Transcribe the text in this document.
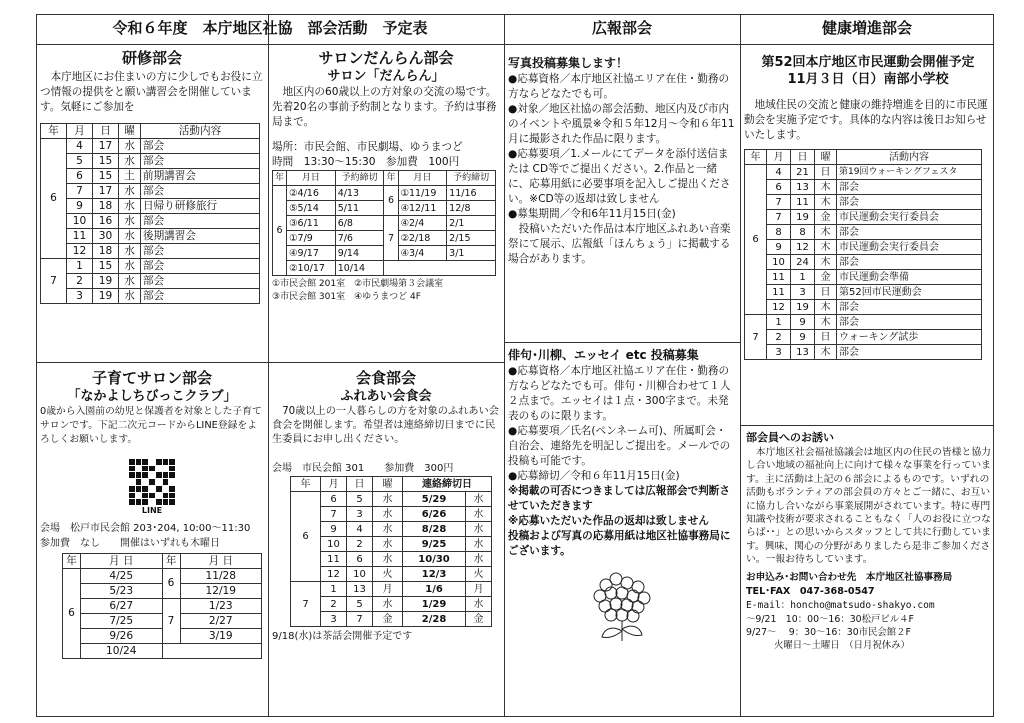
令和６年度　本庁地区社協　部会活動　予定表	広報部会	健康増進部会
研修部会
本庁地区にお住まいの方に少しでもお役に立つ情報の提供をと願い講習会を開催しています。気軽にご参加を
年	月	日	曜	活動内容
6	4	17	水	部会
	5	15	水	部会
	6	15	土	前期講習会
	7	17	水	部会
	9	18	水	日帰り研修旅行
	10	16	水	部会
	11	30	水	後期講習会
	12	18	水	部会
7	1	15	水	部会
	2	19	水	部会
	3	19	水	部会
サロンだんらん部会
サロン「だんらん」
地区内の60歳以上の方対象の交流の場です。先着20名の事前予約制となります。予約は事務局まで。
場所：市民会館、市民劇場、ゆうまつど
時間　13:30～15:30　参加費　100円
年	月日	予約締切	年	月日	予約締切
6	②4/16	4/13	6	①11/19	11/16
	⑤5/14	5/11		④12/11	12/8
	③6/11	6/8	7	④2/4	2/1
	①7/9	7/6		②2/18	2/15
	④9/17	9/14		④3/4	3/1
	②10/17	10/14			
①市民会館 201室　②市民劇場第３会議室
③市民会館 301室　④ゆうまつど 4F
写真投稿募集します！
●応募資格／本庁地区社協エリア在住・勤務の方ならどなたでも可。
●対象／地区社協の部会活動、地区内及び市内のイベントや風景※令和５年12月～令和６年11月に撮影された作品に限ります。
●応募要項／1.メールにてデータを添付送信または CD等でご提出ください。2.作品と一緒に、応募用紙に必要事項を記入しご提出ください。※CD等の返却は致しません
●募集期間／令和6年11月15日(金)
投稿いただいた作品は本庁地区ふれあい音楽祭にて展示、広報紙「ほんちょう」に掲載する場合があります。
俳句･川柳、エッセイ etc 投稿募集
●応募資格／本庁地区社協エリア在住・勤務の方ならどなたでも可。俳句・川柳合わせて１人２点まで。エッセイは１点・300字まで。未発表のものに限ります。
●応募要項／氏名(ペンネーム可)、所属町会・自治会、連絡先を明記しご提出を。メールでの投稿も可能です。
●応募締切／令和６年11月15日(金)
※掲載の可否につきましては広報部会で判断させていただきます
※応募いただいた作品の返却は致しません
投稿および写真の応募用紙は地区社協事務局にございます。
第52回本庁地区市民運動会開催予定
11月３日（日）南部小学校
地域住民の交流と健康の維持増進を目的に市民運動会を実施予定です。具体的な内容は後日お知らせいたします。
年	月	日	曜	活動内容
6	4	21	日	第19回ウォーキングフェスタ
	6	13	木	部会
	7	11	木	部会
	7	19	金	市民運動会実行委員会
	8	8	木	部会
	9	12	木	市民運動会実行委員会
	10	24	木	部会
	11	1	金	市民運動会準備
	11	3	日	第52回市民運動会
	12	19	木	部会
7	1	9	木	部会
	2	9	日	ウォーキング試歩
	3	13	木	部会
子育てサロン部会
「なかよしちびっこクラブ」
0歳から入園前の幼児と保護者を対象とした子育てサロンです。下記二次元コードからLINE登録をよろしくお願いします。
LINE
会場　松戸市民会館 203･204, 10:00～11:30
参加費　なし　　開催はいずれも木曜日
年	月 日	年	月 日
6	4/25	6	11/28
	5/23		12/19
	6/27	7	1/23
	7/25		2/27
	9/26		3/19
	10/24		
会食部会
ふれあい会食会
70歳以上の一人暮らしの方を対象のふれあい会食会を開催します。希望者は連絡締切日までに民生委員にお申し出ください。
会場　市民会館 301　　参加費　300円
年	月	日	曜	連絡締切日	
6	6	5	水	5/29	水
	7	3	水	6/26	水
	9	4	水	8/28	水
	10	2	水	9/25	水
	11	6	水	10/30	水
	12	10	火	12/3	火
7	1	13	月	1/6	月
	2	5	水	1/29	水
	3	7	金	2/28	金
9/18(水)は茶話会開催予定です
部会員へのお誘い
本庁地区社会福祉協議会は地区内の住民の皆様と協力し合い地域の福祉向上に向けて様々な事業を行っています。主に活動は上記の６部会によるものです。いずれの活動もボランティアの部会員の方々とご一緒に、お互いに協力し合いながら事業展開がされています。特に専門知識や技術が要求されることもなく「人のお役に立つならば･･」との思いからスタッフとして共に行動しています。興味、関心の分野がありましたら是非ご参加ください。一報お待ちしています。
お申込み･お問い合わせ先　本庁地区社協事務局
TEL･FAX　047-368-0547
E-mail：honcho@matsudo-shakyo.com
～9/21　10：00～16：30松戸ビル４F
9/27～　 9：30～16：30市民会館２F
火曜日～土曜日　（日月祝休み）
